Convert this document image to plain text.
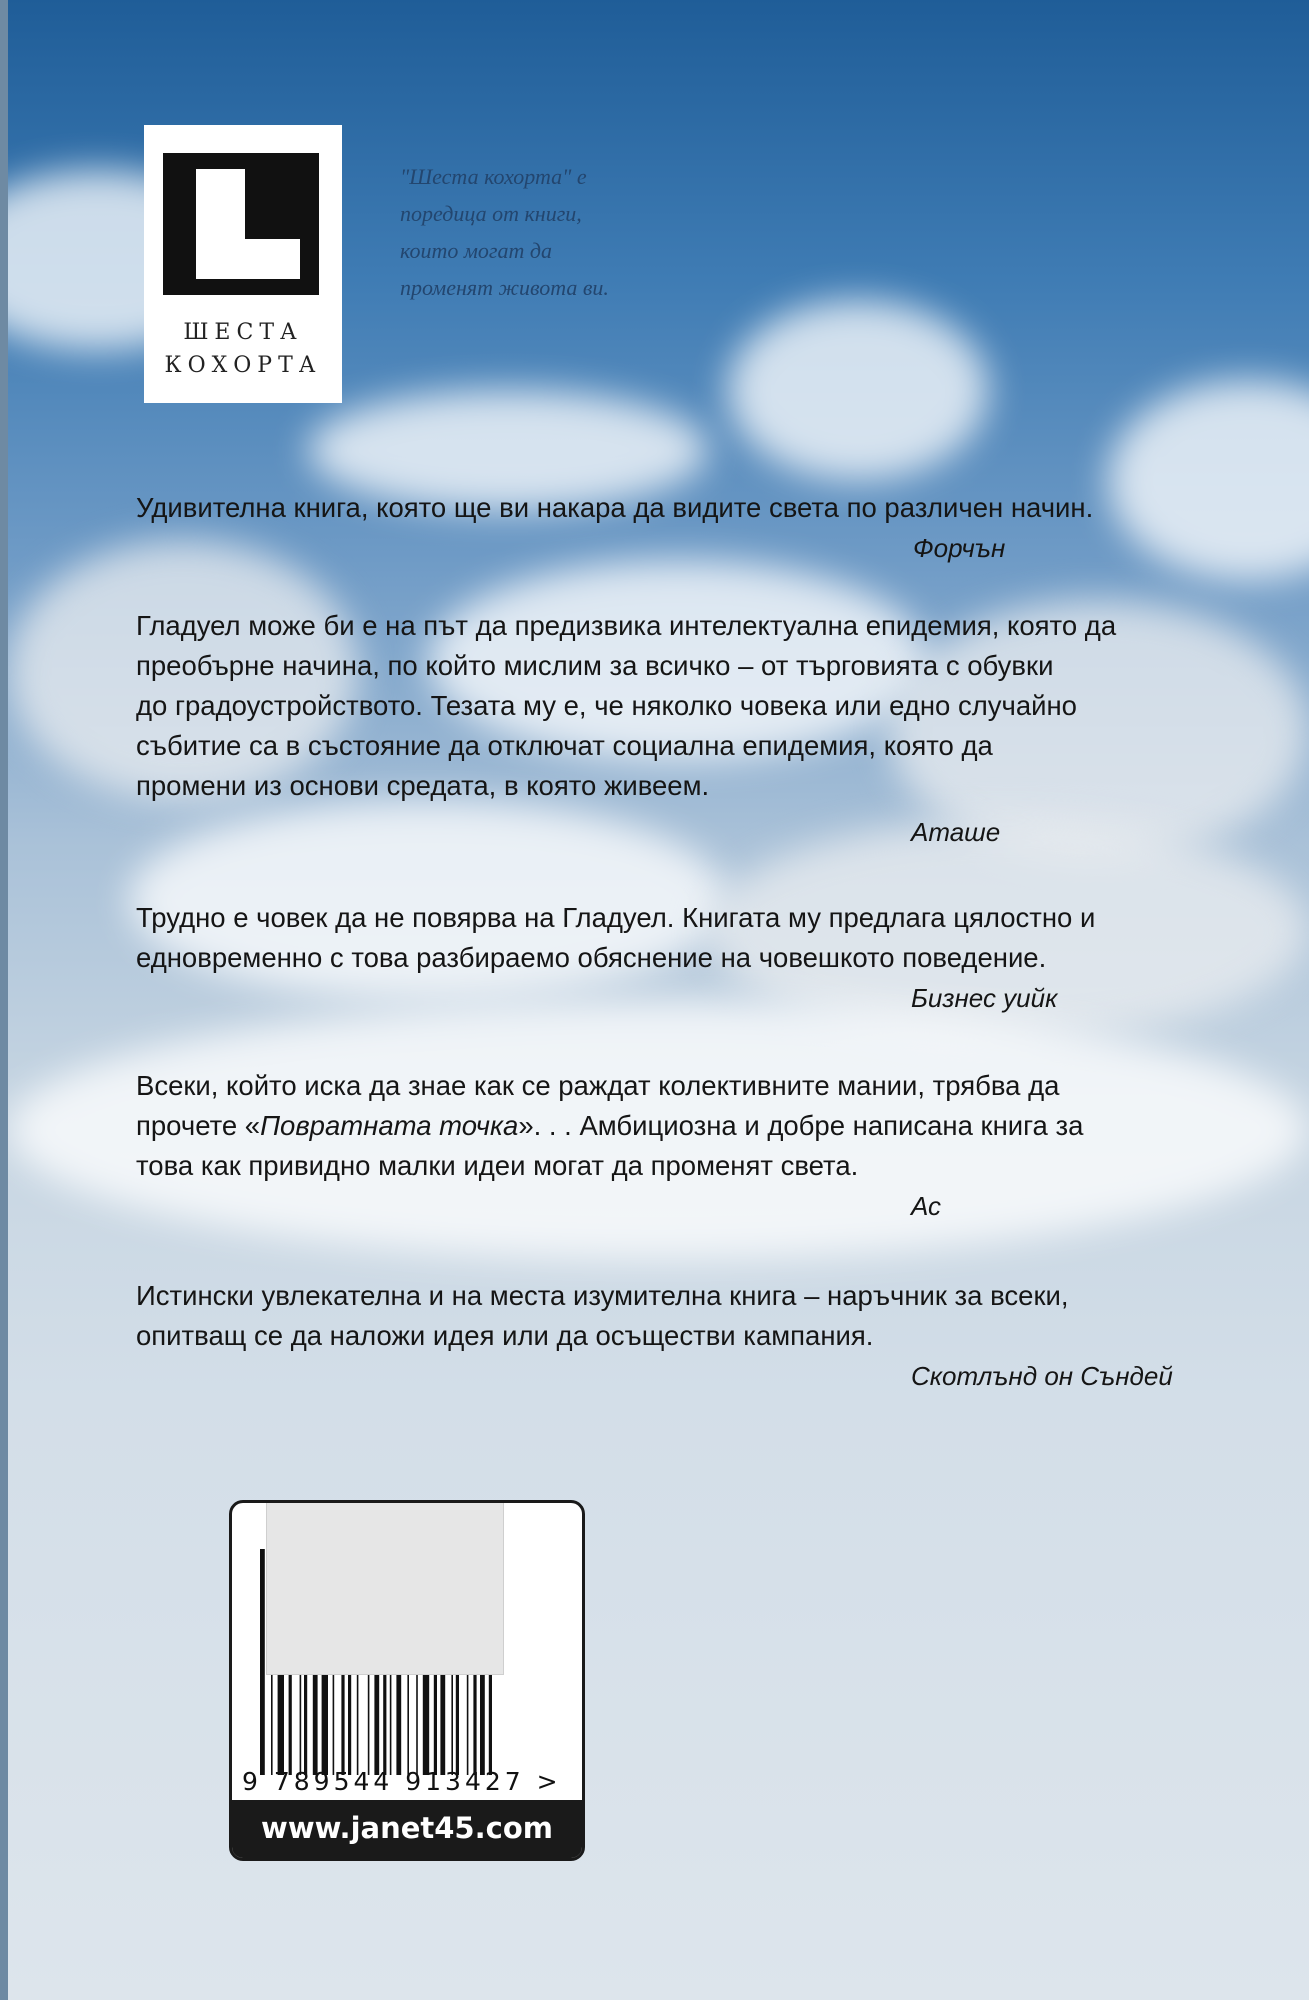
ШЕСТА
КОХОРТА
"Шеста кохорта" е
поредица от книги,
които могат да
променят живота ви.
Удивителна книга, която ще ви накара да видите света по различен начин.
Форчън
Гладуел може би е на път да предизвика интелектуална епидемия, която да
преобърне начина, по който мислим за всичко – от търговията с обувки
до градоустройството. Тезата му е, че няколко човека или едно случайно
събитие са в състояние да отключат социална епидемия, която да
промени из основи средата, в която живеем.
Аташе
Трудно е човек да не повярва на Гладуел. Книгата му предлага цялостно и
едновременно с това разбираемо обяснение на човешкото поведение.
Бизнес уийк
Всеки, който иска да знае как се раждат колективните мании, трябва да
прочете «Повратната точка». . . Амбициозна и добре написана книга за
това как привидно малки идеи могат да променят света.
Ас
Истински увлекателна и на места изумителна книга – наръчник за всеки,
опитващ се да наложи идея или да осъществи кампания.
Скотлънд он Съндей
9 789544 913427 >
www.janet45.com
